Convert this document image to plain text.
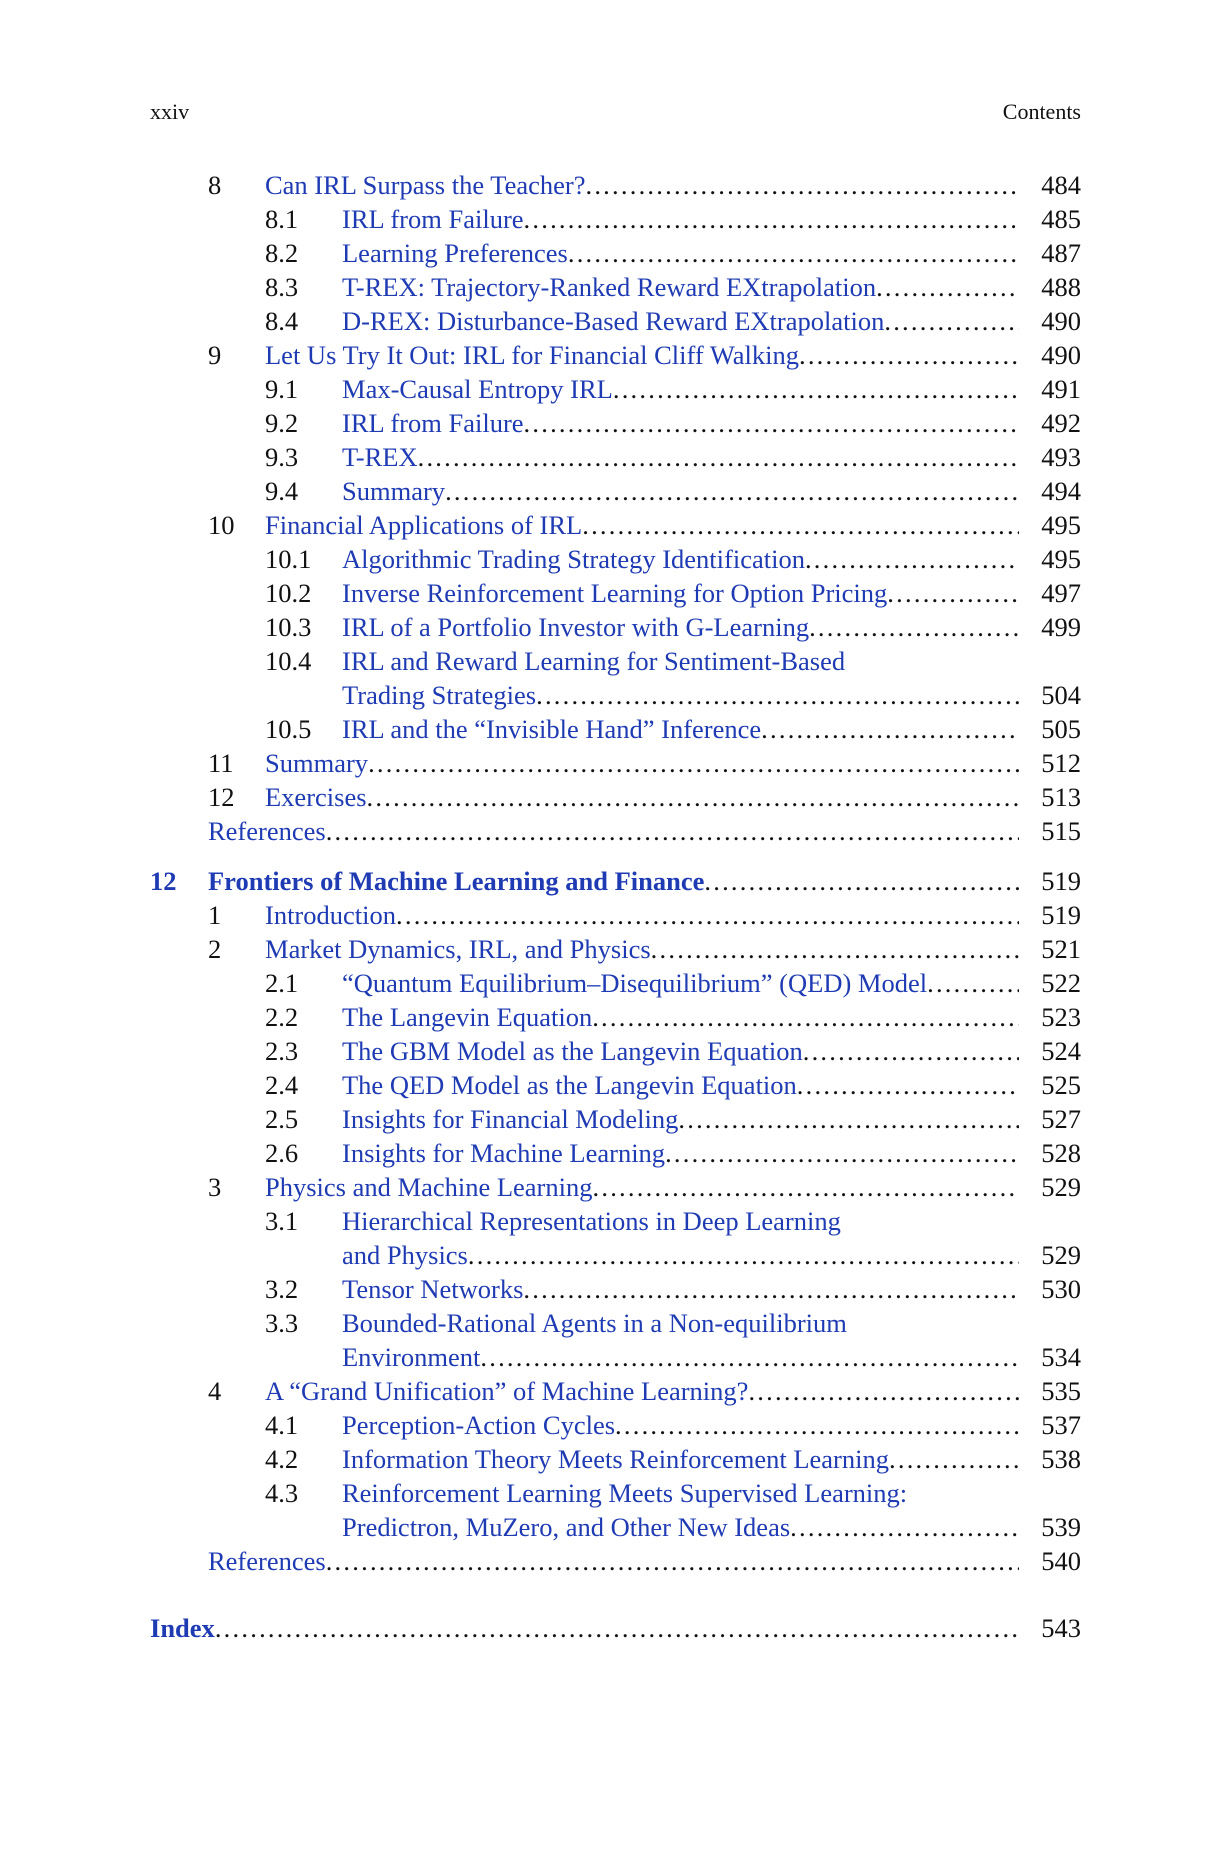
xxiv	Contents
8 Can IRL Surpass the Teacher? . . .	484
8.1 IRL from Failure . . .	485
8.2 Learning Preferences . . .	487
8.3 T-REX: Trajectory-Ranked Reward EXtrapolation . . .	488
8.4 D-REX: Disturbance-Based Reward EXtrapolation . . .	490
9 Let Us Try It Out: IRL for Financial Cliff Walking . . .	490
9.1 Max-Causal Entropy IRL . . .	491
9.2 IRL from Failure . . .	492
9.3 T-REX . . .	493
9.4 Summary . . .	494
10 Financial Applications of IRL . . .	495
10.1 Algorithmic Trading Strategy Identification . . .	495
10.2 Inverse Reinforcement Learning for Option Pricing . . .	497
10.3 IRL of a Portfolio Investor with G-Learning . . .	499
10.4 IRL and Reward Learning for Sentiment-Based
Trading Strategies . . .	504
10.5 IRL and the “Invisible Hand” Inference . . .	505
11 Summary . . .	512
12 Exercises . . .	513
References . . .	515
12 Frontiers of Machine Learning and Finance . . .	519
1 Introduction . . .	519
2 Market Dynamics, IRL, and Physics . . .	521
2.1 “Quantum Equilibrium–Disequilibrium” (QED) Model . . .	522
2.2 The Langevin Equation . . .	523
2.3 The GBM Model as the Langevin Equation . . .	524
2.4 The QED Model as the Langevin Equation . . .	525
2.5 Insights for Financial Modeling . . .	527
2.6 Insights for Machine Learning . . .	528
3 Physics and Machine Learning . . .	529
3.1 Hierarchical Representations in Deep Learning
and Physics . . .	529
3.2 Tensor Networks . . .	530
3.3 Bounded-Rational Agents in a Non-equilibrium
Environment . . .	534
4 A “Grand Unification” of Machine Learning? . . .	535
4.1 Perception-Action Cycles . . .	537
4.2 Information Theory Meets Reinforcement Learning . . .	538
4.3 Reinforcement Learning Meets Supervised Learning:
Predictron, MuZero, and Other New Ideas . . .	539
References . . .	540
Index . . .	543
